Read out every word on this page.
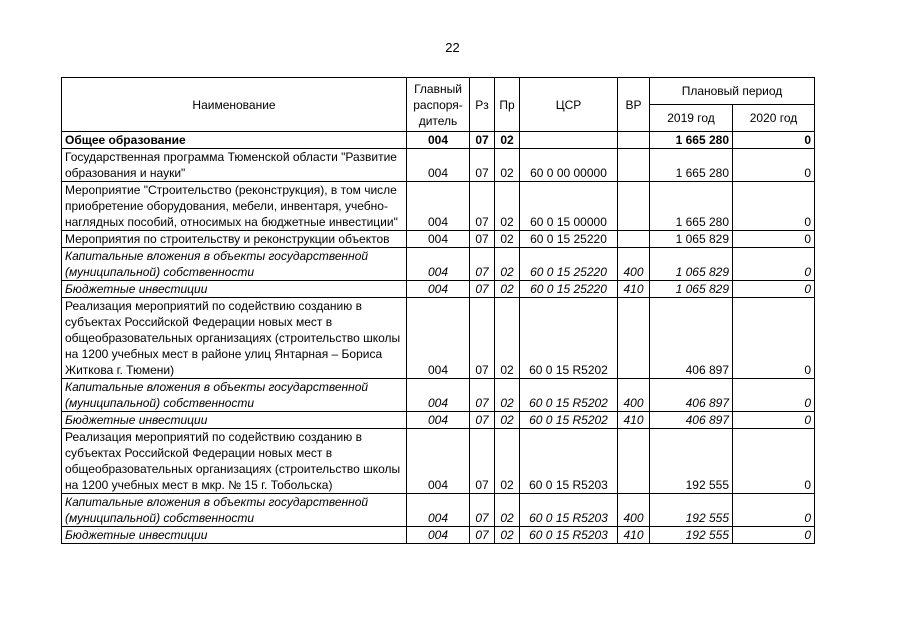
22
Наименование	Главный распоря-дитель	Рз	Пр	ЦСР	ВР	Плановый период	
						2019 год	2020 год
Общее образование	004	07	02			1 665 280	0
Государственная программа Тюменской области "Развитие образования и науки"	004	07	02	60 0 00 00000		1 665 280	0
Мероприятие "Строительство (реконструкция), в том числе приобретение оборудования, мебели, инвентаря, учебно-наглядных пособий, относимых на бюджетные инвестиции"	004	07	02	60 0 15 00000		1 665 280	0
Мероприятия по строительству и реконструкции объектов	004	07	02	60 0 15 25220		1 065 829	0
Капитальные вложения в объекты государственной (муниципальной) собственности	004	07	02	60 0 15 25220	400	1 065 829	0
Бюджетные инвестиции	004	07	02	60 0 15 25220	410	1 065 829	0
Реализация мероприятий по содействию созданию в субъектах Российской Федерации новых мест в общеобразовательных организациях (строительство школы на 1200 учебных мест в районе улиц Янтарная – Бориса Житкова г. Тюмени)	004	07	02	60 0 15 R5202		406 897	0
Капитальные вложения в объекты государственной (муниципальной) собственности	004	07	02	60 0 15 R5202	400	406 897	0
Бюджетные инвестиции	004	07	02	60 0 15 R5202	410	406 897	0
Реализация мероприятий по содействию созданию в субъектах Российской Федерации новых мест в общеобразовательных организациях (строительство школы на 1200 учебных мест в мкр. № 15 г. Тобольска)	004	07	02	60 0 15 R5203		192 555	0
Капитальные вложения в объекты государственной (муниципальной) собственности	004	07	02	60 0 15 R5203	400	192 555	0
Бюджетные инвестиции	004	07	02	60 0 15 R5203	410	192 555	0
